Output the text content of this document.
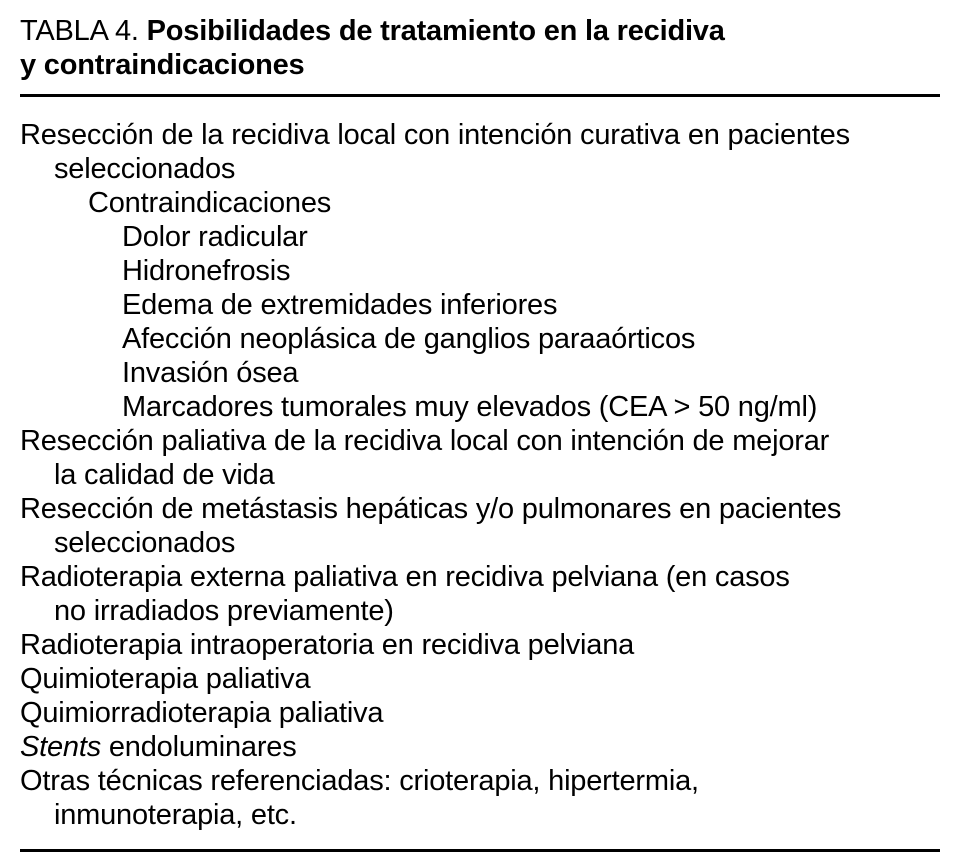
TABLA 4. Posibilidades de tratamiento en la recidiva
y contraindicaciones
Resección de la recidiva local con intención curativa en pacientes
seleccionados
Contraindicaciones
Dolor radicular
Hidronefrosis
Edema de extremidades inferiores
Afección neoplásica de ganglios paraaórticos
Invasión ósea
Marcadores tumorales muy elevados (CEA > 50 ng/ml)
Resección paliativa de la recidiva local con intención de mejorar
la calidad de vida
Resección de metástasis hepáticas y/o pulmonares en pacientes
seleccionados
Radioterapia externa paliativa en recidiva pelviana (en casos
no irradiados previamente)
Radioterapia intraoperatoria en recidiva pelviana
Quimioterapia paliativa
Quimiorradioterapia paliativa
Stents endoluminares
Otras técnicas referenciadas: crioterapia, hipertermia,
inmunoterapia, etc.
